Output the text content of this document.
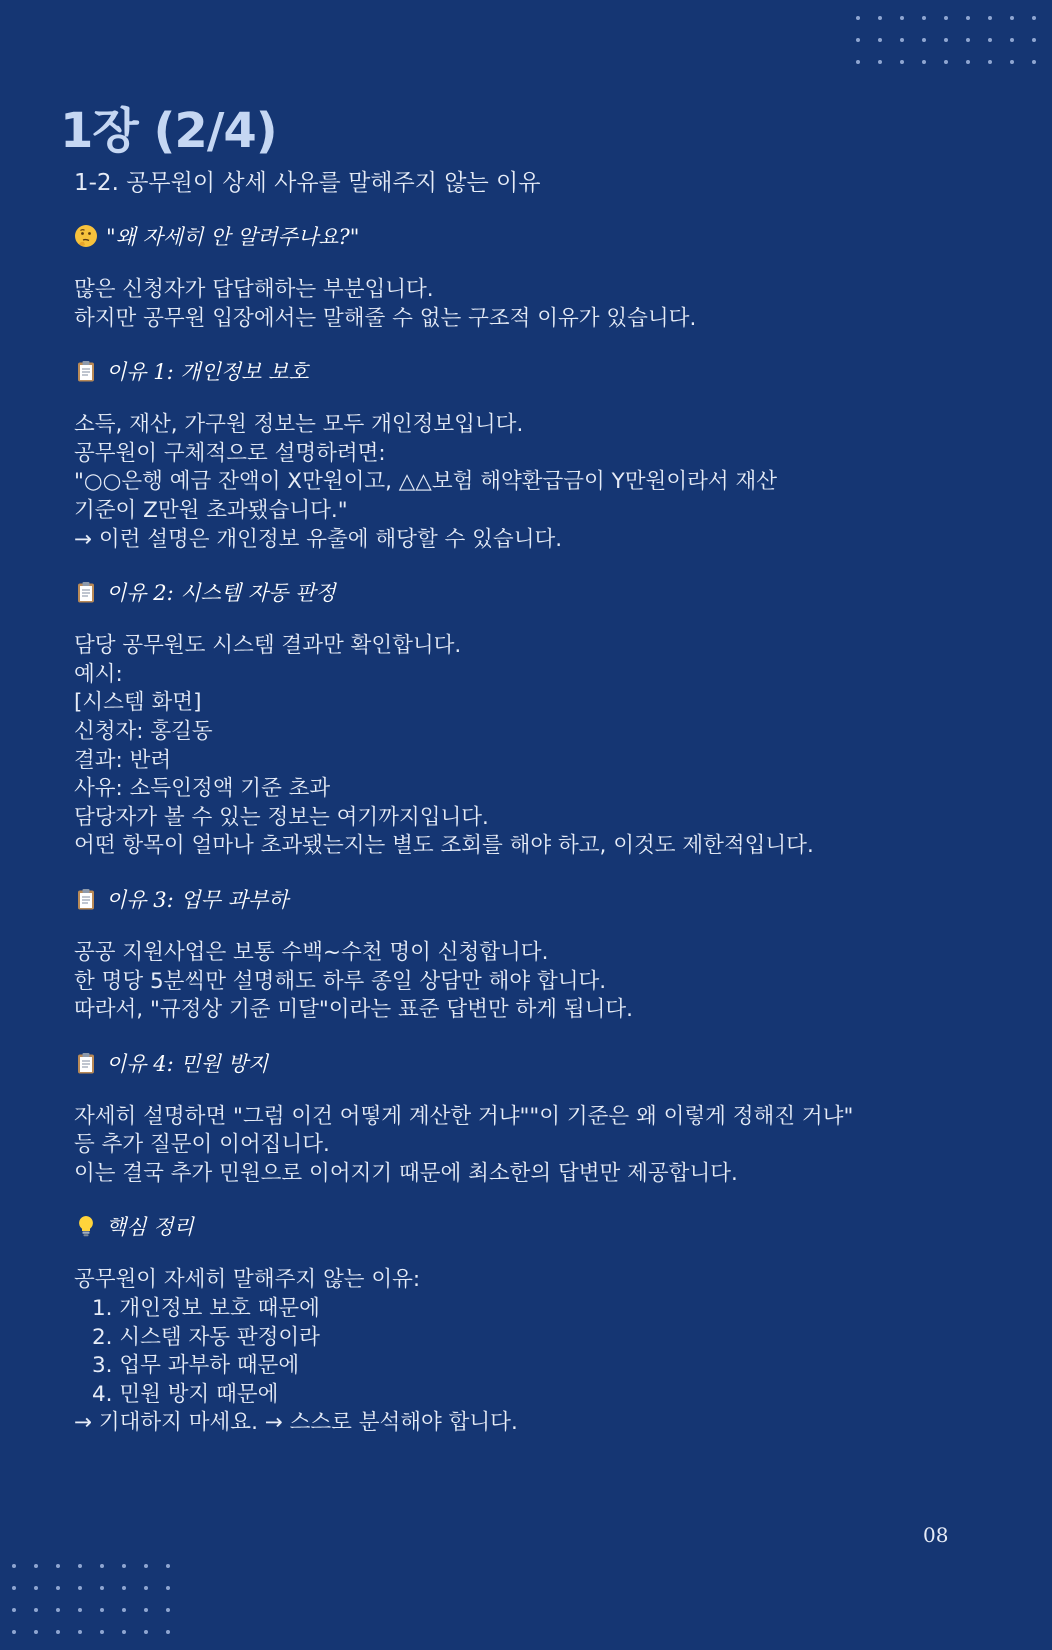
1장 (2/4)
1-2. 공무원이 상세 사유를 말해주지 않는 이유
"왜 자세히 안 알려주나요?"
많은 신청자가 답답해하는 부분입니다.
하지만 공무원 입장에서는 말해줄 수 없는 구조적 이유가 있습니다.
이유 1: 개인정보 보호
소득, 재산, 가구원 정보는 모두 개인정보입니다.
공무원이 구체적으로 설명하려면:
"○○은행 예금 잔액이 X만원이고, △△보험 해약환급금이 Y만원이라서 재산
기준이 Z만원 초과됐습니다."
→ 이런 설명은 개인정보 유출에 해당할 수 있습니다.
이유 2: 시스템 자동 판정
담당 공무원도 시스템 결과만 확인합니다.
예시:
[시스템 화면]
신청자: 홍길동
결과: 반려
사유: 소득인정액 기준 초과
담당자가 볼 수 있는 정보는 여기까지입니다.
어떤 항목이 얼마나 초과됐는지는 별도 조회를 해야 하고, 이것도 제한적입니다.
이유 3: 업무 과부하
공공 지원사업은 보통 수백~수천 명이 신청합니다.
한 명당 5분씩만 설명해도 하루 종일 상담만 해야 합니다.
따라서, "규정상 기준 미달"이라는 표준 답변만 하게 됩니다.
이유 4: 민원 방지
자세히 설명하면 "그럼 이건 어떻게 계산한 거냐""이 기준은 왜 이렇게 정해진 거냐"
등 추가 질문이 이어집니다.
이는 결국 추가 민원으로 이어지기 때문에 최소한의 답변만 제공합니다.
핵심 정리
공무원이 자세히 말해주지 않는 이유:
1. 개인정보 보호 때문에
2. 시스템 자동 판정이라
3. 업무 과부하 때문에
4. 민원 방지 때문에
→ 기대하지 마세요. → 스스로 분석해야 합니다.
08
